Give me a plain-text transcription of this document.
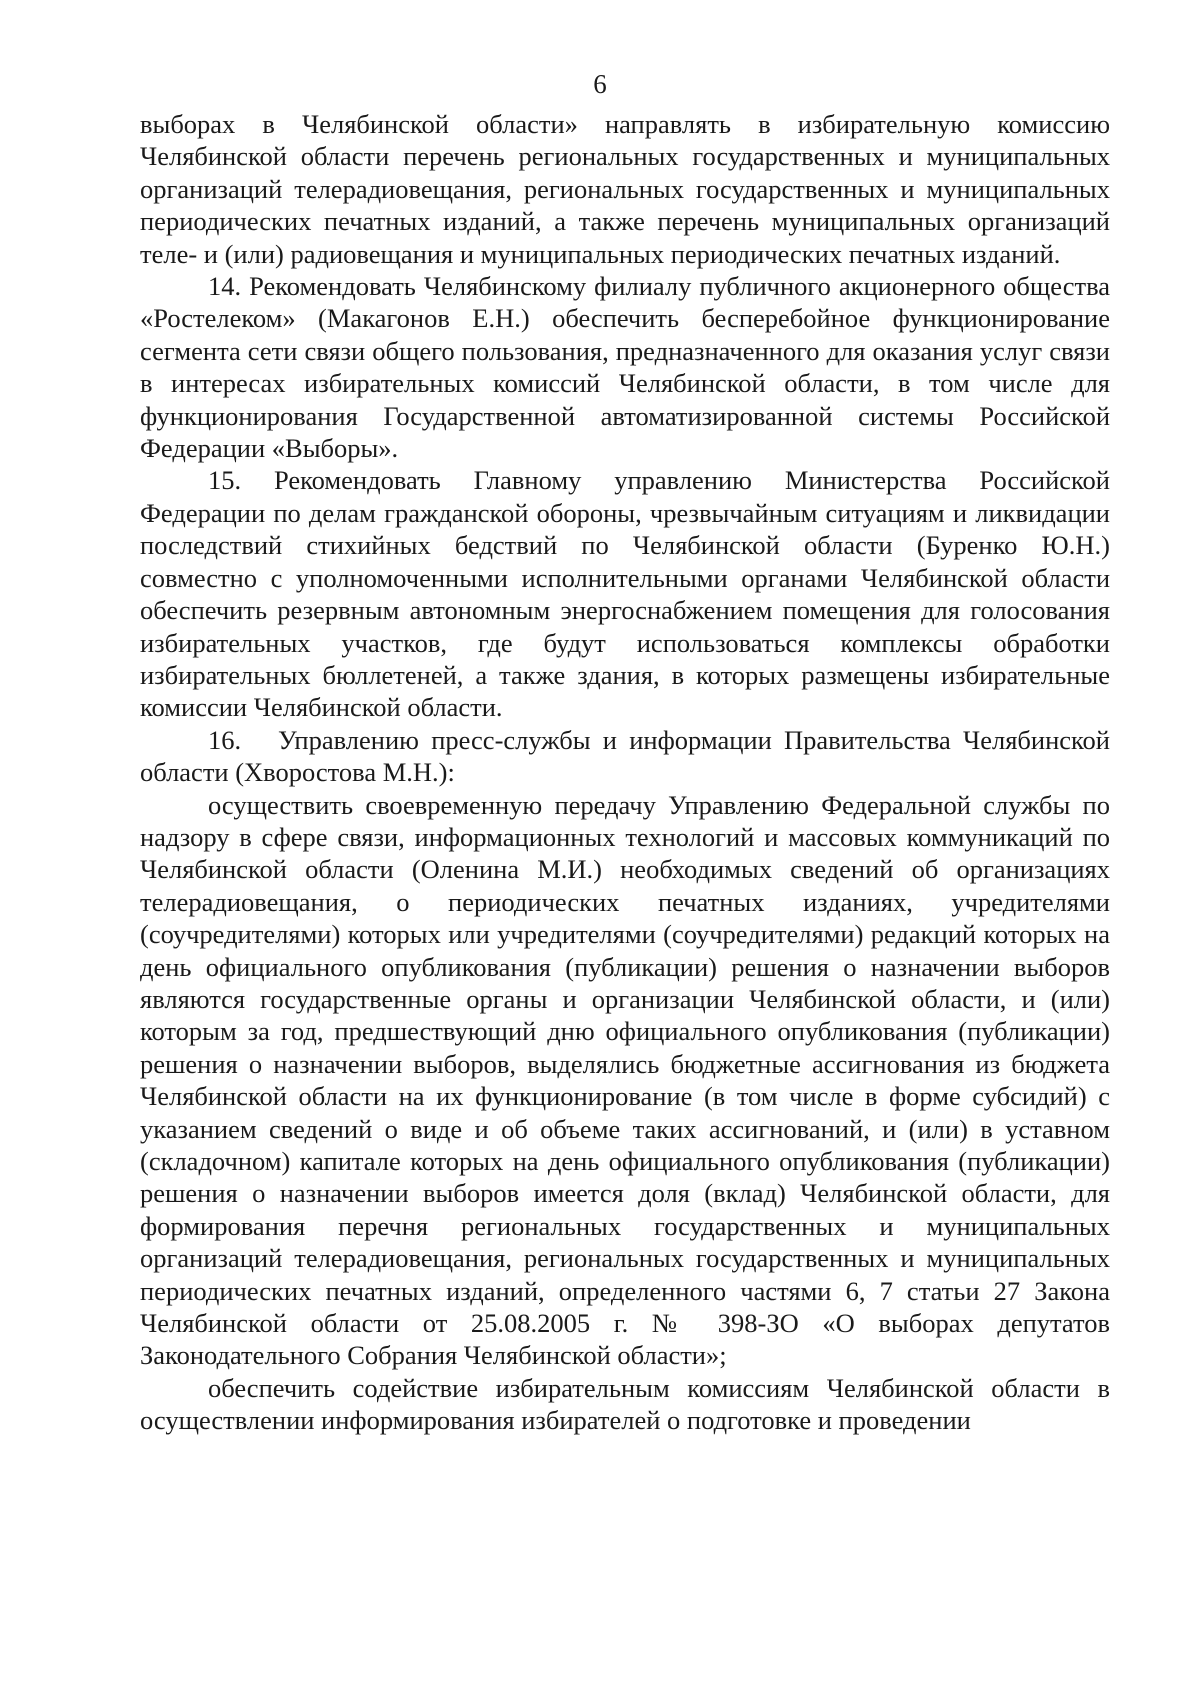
6

выборах в Челябинской области» направлять в избирательную комиссию Челябинской области перечень региональных государственных и муниципальных организаций телерадиовещания, региональных государственных и муниципальных периодических печатных изданий, а также перечень муниципальных организаций теле- и (или) радиовещания и муниципальных периодических печатных изданий.

14. Рекомендовать Челябинскому филиалу публичного акционерного общества «Ростелеком» (Макагонов Е.Н.) обеспечить бесперебойное функционирование сегмента сети связи общего пользования, предназначенного для оказания услуг связи в интересах избирательных комиссий Челябинской области, в том числе для функционирования Государственной автоматизированной системы Российской Федерации «Выборы».

15. Рекомендовать Главному управлению Министерства Российской Федерации по делам гражданской обороны, чрезвычайным ситуациям и ликвидации последствий стихийных бедствий по Челябинской области (Буренко Ю.Н.) совместно с уполномоченными исполнительными органами Челябинской области обеспечить резервным автономным энергоснабжением помещения для голосования избирательных участков, где будут использоваться комплексы обработки избирательных бюллетеней, а также здания, в которых размещены избирательные комиссии Челябинской области.

16. Управлению пресс-службы и информации Правительства Челябинской области (Хворостова М.Н.):

осуществить своевременную передачу Управлению Федеральной службы по надзору в сфере связи, информационных технологий и массовых коммуникаций по Челябинской области (Оленина М.И.) необходимых сведений об организациях телерадиовещания, о периодических печатных изданиях, учредителями (соучредителями) которых или учредителями (соучредителями) редакций которых на день официального опубликования (публикации) решения о назначении выборов являются государственные органы и организации Челябинской области, и (или) которым за год, предшествующий дню официального опубликования (публикации) решения о назначении выборов, выделялись бюджетные ассигнования из бюджета Челябинской области на их функционирование (в том числе в форме субсидий) с указанием сведений о виде и об объеме таких ассигнований, и (или) в уставном (складочном) капитале которых на день официального опубликования (публикации) решения о назначении выборов имеется доля (вклад) Челябинской области, для формирования перечня региональных государственных и муниципальных организаций телерадиовещания, региональных государственных и муниципальных периодических печатных изданий, определенного частями 6, 7 статьи 27 Закона Челябинской области от 25.08.2005 г. № 398-ЗО «О выборах депутатов Законодательного Собрания Челябинской области»;

обеспечить содействие избирательным комиссиям Челябинской области в осуществлении информирования избирателей о подготовке и проведении
